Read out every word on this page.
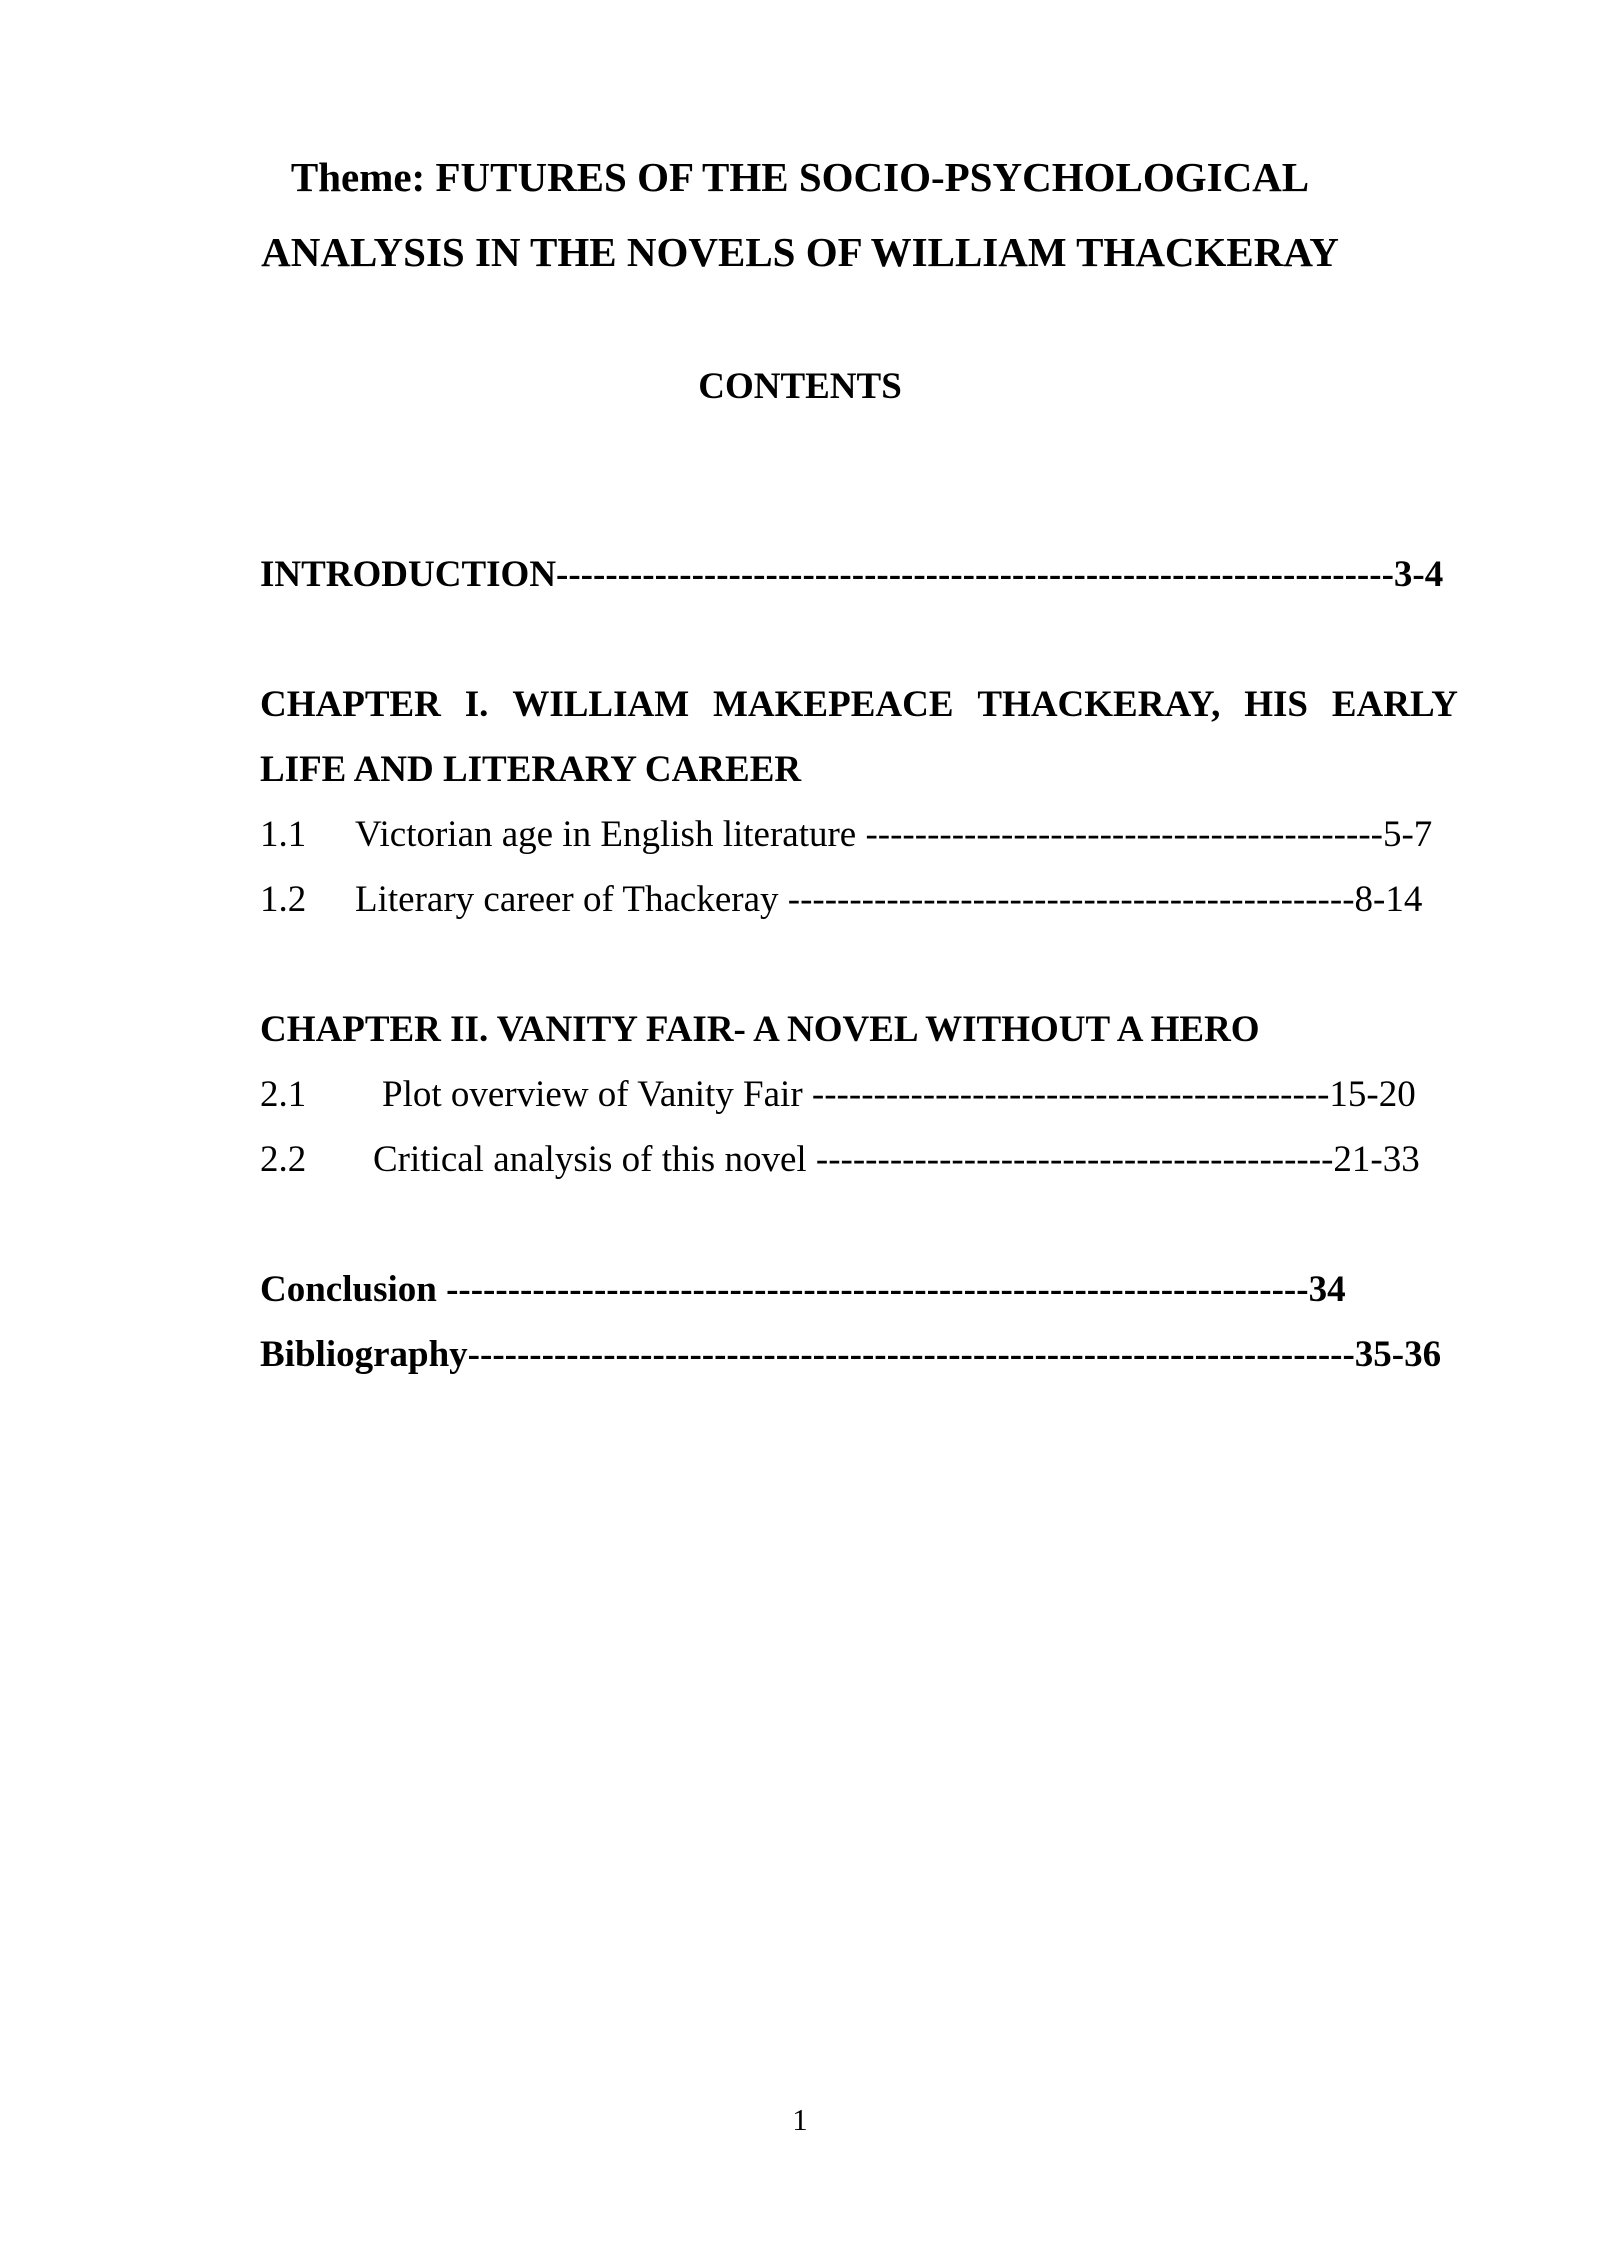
Theme: FUTURES OF THE SOCIO-PSYCHOLOGICAL
ANALYSIS IN THE NOVELS OF WILLIAM THACKERAY
CONTENTS
INTRODUCTION--------------------------------------------------------------------3-4
CHAPTER I. WILLIAM MAKEPEACE THACKERAY, HIS EARLY
LIFE AND LITERARY CAREER
1.1 Victorian age in English literature ------------------------------------------5-7
1.2 Literary career of Thackeray ----------------------------------------------8-14
CHAPTER II. VANITY FAIR- A NOVEL WITHOUT A HERO
2.1 Plot overview of Vanity Fair ------------------------------------------15-20
2.2 Critical analysis of this novel ------------------------------------------21-33
Conclusion ----------------------------------------------------------------------34
Bibliography------------------------------------------------------------------------35-36
1
